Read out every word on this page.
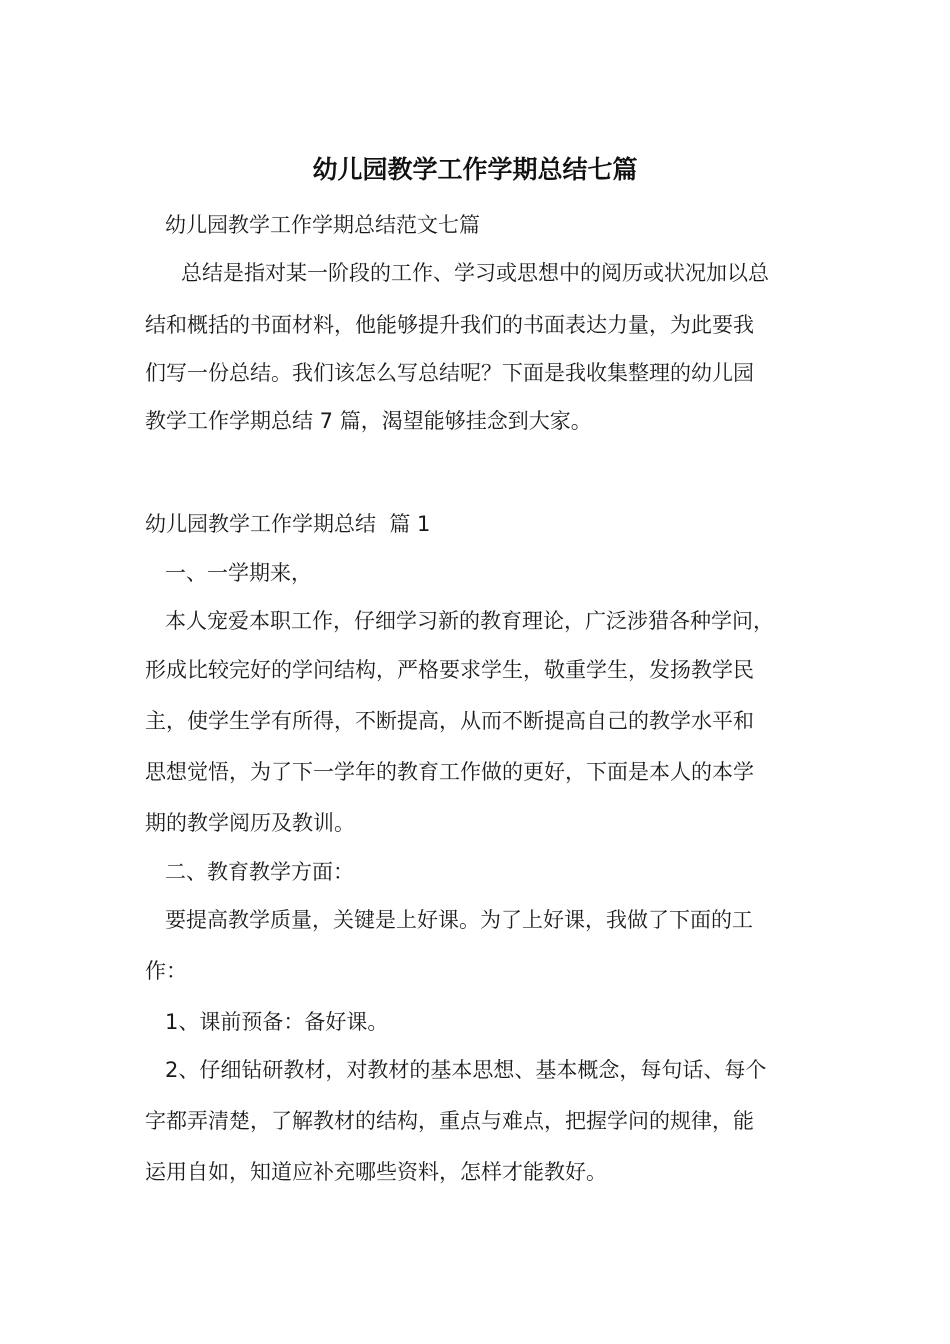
幼儿园教学工作学期总结七篇

幼儿园教学工作学期总结范文七篇

总结是指对某一阶段的工作、学习或思想中的阅历或状况加以总

结和概括的书面材料，他能够提升我们的书面表达力量，为此要我

们写一份总结。我们该怎么写总结呢？下面是我收集整理的幼儿园

教学工作学期总结 7 篇，渴望能够挂念到大家。

幼儿园教学工作学期总结  篇 1

一、一学期来，

本人宠爱本职工作，仔细学习新的教育理论，广泛涉猎各种学问，

形成比较完好的学问结构，严格要求学生，敬重学生，发扬教学民

主，使学生学有所得，不断提高，从而不断提高自己的教学水平和

思想觉悟，为了下一学年的教育工作做的更好，下面是本人的本学

期的教学阅历及教训。

二、教育教学方面：

要提高教学质量，关键是上好课。为了上好课，我做了下面的工

作：

1、课前预备：备好课。

2、仔细钻研教材，对教材的基本思想、基本概念，每句话、每个

字都弄清楚，了解教材的结构，重点与难点，把握学问的规律，能

运用自如，知道应补充哪些资料，怎样才能教好。
